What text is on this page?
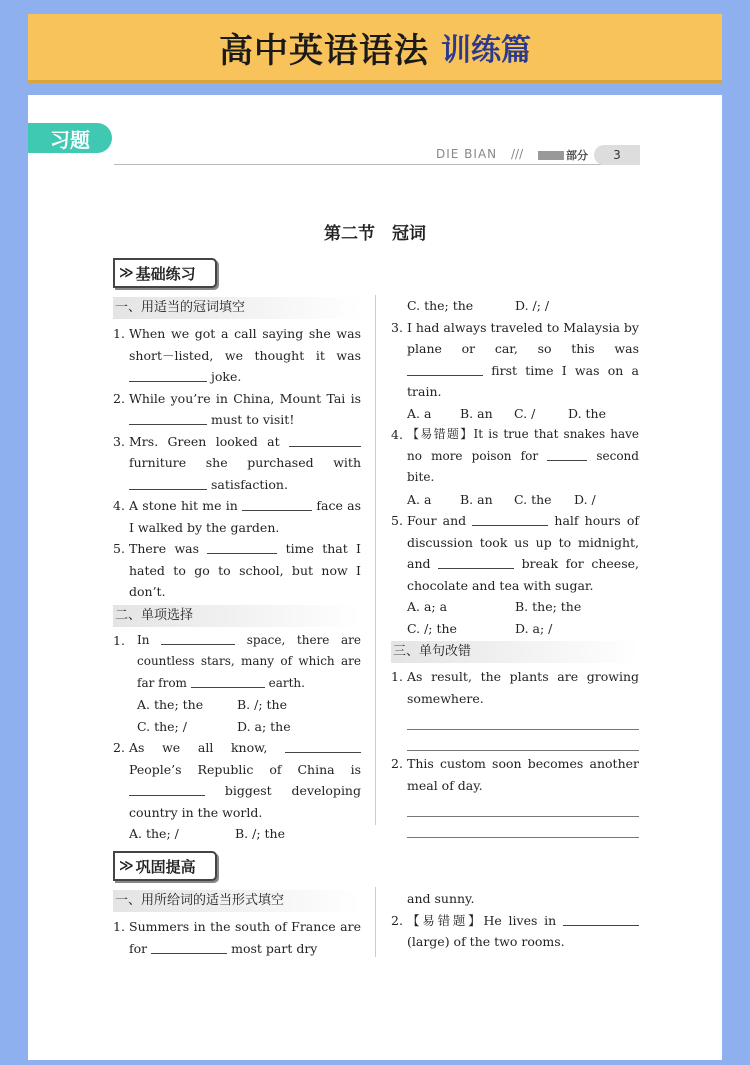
高中英语语法 训练篇
习题
DIE BIAN ///	部分	3
第二节　冠词
≫ 基础练习
一、用适当的冠词填空
1. When we got a call saying she was short－listed, we thought it was  joke.
2. While you’re in China, Mount Tai is  must to visit!
3. Mrs. Green looked at  furniture she purchased with  satisfaction.
4. A stone hit me in	face as I walked by the garden.
5. There was	time that I hated to go to school, but now I don’t.
二、单项选择
1.	In	space, there are countless stars, many of which are far from	earth.
A. the; the	B. /; the
C. the; /	D. a; the
2. As we all know,  People’s Republic of China is  biggest developing country in the world.
A. the; /	B. /; the
C. the; the	D. /; /
3. I had always traveled to Malaysia by plane or car, so this was  first time I was on a train.
A. a	B. an	C. /	D. the
4. 【易错题】It is true that snakes have no more poison for	second bite.
A. a	B. an	C. the	D. /
5. Four and	half hours of discussion took us up to midnight, and	break for cheese, chocolate and tea with sugar.
A. a; a	B. the; the
C. /; the	D. a; /
三、单句改错
1. As result, the plants are growing somewhere.
2. This custom soon becomes another meal of day.
≫ 巩固提高
一、用所给词的适当形式填空
1. Summers in the south of France are for	most part dry
and sunny.
2. 【易错题】He lives in  (large) of the two rooms.
